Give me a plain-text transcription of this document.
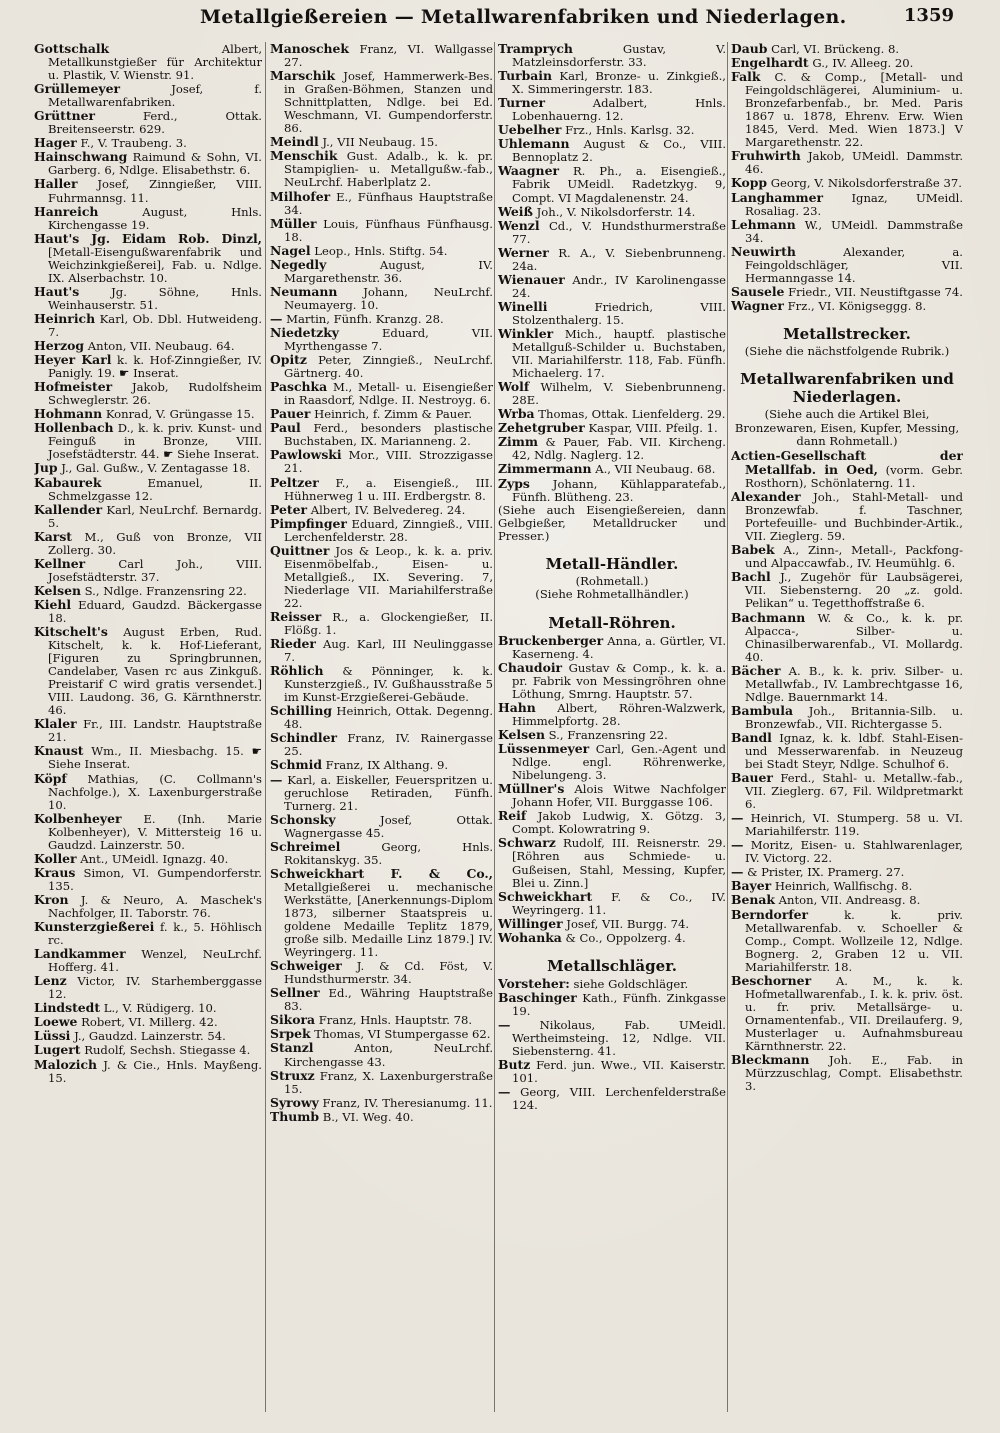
Metallgießereien — Metallwarenfabriken und Niederlagen.	1359
Gottschalk	Albert, Metallkunstgießer für Architektur u. Plastik, V. Wienstr. 91.
Grüllemeyer	Josef, f. Metallwarenfabriken.
Grüttner	Ferd., Ottak. Breitenseerstr. 629.
Hager F., V. Traubeng. 3.
Hainschwang Raimund & Sohn, VI. Garberg. 6, Ndlge. Elisabethstr. 6.
Haller Josef, Zinngießer, VIII. Fuhrmannsg. 11.
Hanreich	August, Hnls. Kirchengasse 19.
Haut's Jg. Eidam Rob. Dinzl, [Metall-Eisengußwarenfabrik und Weichzinkgießerei], Fab. u. Ndlge. IX. Alserbachstr. 10.
Haut's	Jg. Söhne, Hnls. Weinhauserstr. 51.
Heinrich Karl, Ob. Dbl. Hutweideng. 7.
Herzog Anton, VII. Neubaug. 64.
Heyer Karl k. k. Hof-Zinngießer, IV. Panigly. 19. ☛ Inserat.
Hofmeister Jakob, Rudolfsheim Schweglerstr. 26.
Hohmann Konrad, V. Grüngasse 15.
Hollenbach D., k. k. priv. Kunst- und Feinguß in Bronze, VIII. Josefstädterstr. 44. ☛ Siehe Inserat.
Jup J., Gal. Gußw., V. Zentagasse 18.
Kabaurek	Emanuel, II. Schmelzgasse 12.
Kallender Karl, NeuLrchf. Bernardg. 5.
Karst M., Guß von Bronze, VII Zollerg. 30.
Kellner	Carl Joh., VIII. Josefstädterstr. 37.
Kelsen S., Ndlge. Franzensring 22.
Kiehl Eduard, Gaudzd. Bäckergasse 18.
Kitschelt's August Erben, Rud. Kitschelt, k. k. Hof-Lieferant, [Figuren zu Springbrunnen, Candelaber, Vasen rc aus Zinkguß. Preistarif C wird gratis versendet.] VIII. Laudong. 36, G. Kärnthnerstr. 46.
Klaler Fr., III. Landstr. Hauptstraße 21.
Knaust Wm., II. Miesbachg. 15. ☛ Siehe Inserat.
Köpf Mathias, (C. Collmann's Nachfolge.), X. Laxenburgerstraße 10.
Kolbenheyer E. (Inh. Marie Kolbenheyer), V. Mittersteig 16 u. Gaudzd. Lainzerstr. 50.
Koller Ant., UMeidl. Ignazg. 40.
Kraus Simon, VI. Gumpendorferstr. 135.
Kron J. & Neuro, A. Maschek's Nachfolger, II. Taborstr. 76.
Kunsterzgießerei f. k., 5. Höhlisch rc.
Landkammer Wenzel, NeuLrchf. Hofferg. 41.
Lenz Victor, IV. Starhemberggasse 12.
Lindstedt L., V. Rüdigerg. 10.
Loewe Robert, VI. Millerg. 42.
Lüssi J., Gaudzd. Lainzerstr. 54.
Lugert Rudolf, Sechsh. Stiegasse 4.
Malozich J. & Cie., Hnls. Mayßeng. 15.
Manoschek Franz, VI. Wallgasse 27.
Marschik Josef, Hammerwerk-Bes. in Graßen-Böhmen, Stanzen und Schnittplatten, Ndlge. bei Ed. Weschmann, VI. Gumpendorferstr. 86.
Meindl J., VII Neubaug. 15.
Menschik Gust. Adalb., k. k. pr. Stampiglien- u. Metallgußw.-fab., NeuLrchf. Haberlplatz 2.
Milhofer E., Fünfhaus Hauptstraße 34.
Müller Louis, Fünfhaus Fünfhausg. 18.
Nagel Leop., Hnls. Stiftg. 54.
Negedly	August, IV. Margarethenstr. 36.
Neumann Johann, NeuLrchf. Neumayerg. 10.
— Martin, Fünfh. Kranzg. 28.
Niedetzky	Eduard, VII. Myrthengasse 7.
Opitz Peter, Zinngieß., NeuLrchf. Gärtnerg. 40.
Paschka M., Metall- u. Eisengießer in Raasdorf, Ndlge. II. Nestroyg. 6.
Pauer Heinrich, f. Zimm & Pauer.
Paul Ferd., besonders plastische Buchstaben, IX. Marianneng. 2.
Pawlowski Mor., VIII. Strozzigasse 21.
Peltzer F., a. Eisengieß., III. Hühnerweg 1 u. III. Erdbergstr. 8.
Peter Albert, IV. Belvedereg. 24.
Pimpfinger Eduard, Zinngieß., VIII. Lerchenfelderstr. 28.
Quittner Jos & Leop., k. k. a. priv. Eisenmöbelfab., Eisen- u. Metallgieß., IX. Severing. 7, Niederlage VII. Mariahilferstraße 22.
Reisser R., a. Glockengießer, II. Flößg. 1.
Rieder Aug. Karl, III Neulinggasse 7.
Röhlich & Pönninger, k. k. Kunsterzgieß., IV. Gußhausstraße 5 im Kunst-Erzgießerei-Gebäude.
Schilling Heinrich, Ottak. Degenng. 48.
Schindler Franz, IV. Rainergasse 25.
Schmid Franz, IX Althang. 9.
— Karl, a. Eiskeller, Feuerspritzen u. geruchlose Retiraden, Fünfh. Turnerg. 21.
Schonsky	Josef, Ottak. Wagnergasse 45.
Schreimel	Georg, Hnls. Rokitanskyg. 35.
Schweickhart F. & Co., Metallgießerei u. mechanische Werkstätte, [Anerkennungs-Diplom 1873, silberner Staatspreis u. goldene Medaille Teplitz 1879, große silb. Medaille Linz 1879.] IV. Weyringerg. 11.
Schweiger J. & Cd. Föst, V. Hundsthurmerstr. 34.
Sellner Ed., Währing Hauptstraße 83.
Sikora Franz, Hnls. Hauptstr. 78.
Srpek Thomas, VI Stumpergasse 62.
Stanzl	Anton, NeuLrchf. Kirchengasse 43.
Struxz Franz, X. Laxenburgerstraße 15.
Syrowy Franz, IV. Theresianumg. 11.
Thumb B., VI. Weg. 40.
Tramprych	Gustav, V. Matzleinsdorferstr. 33.
Turbain Karl, Bronze- u. Zinkgieß., X. Simmeringerstr. 183.
Turner	Adalbert, Hnls. Lobenhauerng. 12.
Uebelher Frz., Hnls. Karlsg. 32.
Uhlemann August & Co., VIII. Bennoplatz 2.
Waagner R. Ph., a. Eisengieß., Fabrik UMeidl. Radetzkyg. 9, Compt. VI Magdalenenstr. 24.
Weiß Joh., V. Nikolsdorferstr. 14.
Wenzl Cd., V. Hundsthurmerstraße 77.
Werner R. A., V. Siebenbrunneng. 24a.
Wienauer Andr., IV Karolinengasse 24.
Winelli	Friedrich, VIII. Stolzenthalerg. 15.
Winkler Mich., hauptf. plastische Metallguß-Schilder u. Buchstaben, VII. Mariahilferstr. 118, Fab. Fünfh. Michaelerg. 17.
Wolf Wilhelm, V. Siebenbrunneng. 28E.
Wrba Thomas, Ottak. Lienfelderg. 29.
Zehetgruber Kaspar, VIII. Pfeilg. 1.
Zimm & Pauer, Fab. VII. Kircheng. 42, Ndlg. Naglerg. 12.
Zimmermann A., VII Neubaug. 68.
Zyps Johann, Kühlapparatefab., Fünfh. Blütheng. 23.
(Siehe auch Eisengießereien, dann Gelbgießer, Metalldrucker und Presser.)
Metall-Händler.
(Rohmetall.)
(Siehe Rohmetallhändler.)
Metall-Röhren.
Bruckenberger Anna, a. Gürtler, VI. Kaserneng. 4.
Chaudoir Gustav & Comp., k. k. a. pr. Fabrik von Messingröhren ohne Löthung, Smrng. Hauptstr. 57.
Hahn Albert, Röhren-Walzwerk, Himmelpfortg. 28.
Kelsen S., Franzensring 22.
Lüssenmeyer Carl, Gen.-Agent und Ndlge. engl. Röhrenwerke, Nibelungeng. 3.
Müllner's Alois Witwe Nachfolger Johann Hofer, VII. Burggasse 106.
Reif Jakob Ludwig, X. Götzg. 3, Compt. Kolowratring 9.
Schwarz Rudolf, III. Reisnerstr. 29. [Röhren aus Schmiede- u. Gußeisen, Stahl, Messing, Kupfer, Blei u. Zinn.]
Schweickhart F. & Co., IV. Weyringerg. 11.
Willinger Josef, VII. Burgg. 74.
Wohanka & Co., Oppolzerg. 4.
Metallschläger.
Vorsteher: siehe Goldschläger.
Baschinger Kath., Fünfh. Zinkgasse 19.
—	Nikolaus, Fab. UMeidl. Wertheimsteing. 12, Ndlge. VII. Siebensterng. 41.
Butz Ferd. jun. Wwe., VII. Kaiserstr. 101.
— Georg, VIII. Lerchenfelderstraße 124.
Daub Carl, VI. Brückeng. 8.
Engelhardt G., IV. Alleeg. 20.
Falk C. & Comp., [Metall- und Feingoldschlägerei, Aluminium- u. Bronzefarbenfab., br. Med. Paris 1867 u. 1878, Ehrenv. Erw. Wien 1845, Verd. Med. Wien 1873.] V Margarethenstr. 22.
Fruhwirth Jakob, UMeidl. Dammstr. 46.
Kopp Georg, V. Nikolsdorferstraße 37.
Langhammer Ignaz, UMeidl. Rosaliag. 23.
Lehmann W., UMeidl. Dammstraße 34.
Neuwirth	Alexander, a. Feingoldschläger, VII. Hermanngasse 14.
Sausele Friedr., VII. Neustiftgasse 74.
Wagner Frz., VI. Königseggg. 8.
Metallstrecker.
(Siehe die nächstfolgende Rubrik.)
Metallwarenfabriken und Niederlagen.
(Siehe auch die Artikel Blei, Bronzewaren, Eisen, Kupfer, Messing, dann Rohmetall.)
Actien-Gesellschaft der Metallfab. in Oed, (vorm. Gebr. Rosthorn), Schönlaterng. 11.
Alexander Joh., Stahl-Metall- und Bronzewfab. f. Taschner, Portefeuille- und Buchbinder-Artik., VII. Zieglerg. 59.
Babek A., Zinn-, Metall-, Packfong- und Alpaccawfab., IV. Heumühlg. 6.
Bachl J., Zugehör für Laubsägerei, VII. Siebensterng. 20 „z. gold. Pelikan“ u. Tegetthoffstraße 6.
Bachmann W. & Co., k. k. pr. Alpacca-, Silber- u. Chinasilberwarenfab., VI. Mollardg. 40.
Bächer A. B., k. k. priv. Silber- u. Metallwfab., IV. Lambrechtgasse 16, Ndlge. Bauernmarkt 14.
Bambula Joh., Britannia-Silb. u. Bronzewfab., VII. Richtergasse 5.
Bandl Ignaz, k. k. ldbf. Stahl-Eisen- und Messerwarenfab. in Neuzeug bei Stadt Steyr, Ndlge. Schulhof 6.
Bauer Ferd., Stahl- u. Metallw.-fab., VII. Zieglerg. 67, Fil. Wildpretmarkt 6.
— Heinrich, VI. Stumperg. 58 u. VI. Mariahilferstr. 119.
— Moritz, Eisen- u. Stahlwarenlager, IV. Victorg. 22.
— & Prister, IX. Pramerg. 27.
Bayer Heinrich, Wallfischg. 8.
Benak Anton, VII. Andreasg. 8.
Berndorfer	k. k. priv. Metallwarenfab. v. Schoeller & Comp., Compt. Wollzeile 12, Ndlge. Bognerg. 2, Graben 12 u. VII. Mariahilferstr. 18.
Beschorner A. M., k. k. Hofmetallwarenfab., I. k. k. priv. öst. u. fr. priv. Metallsärge- u. Ornamentenfab., VII. Dreilauferg. 9, Musterlager u. Aufnahmsbureau Kärnthnerstr. 22.
Bleckmann Joh. E., Fab. in Mürzzuschlag, Compt. Elisabethstr. 3.
